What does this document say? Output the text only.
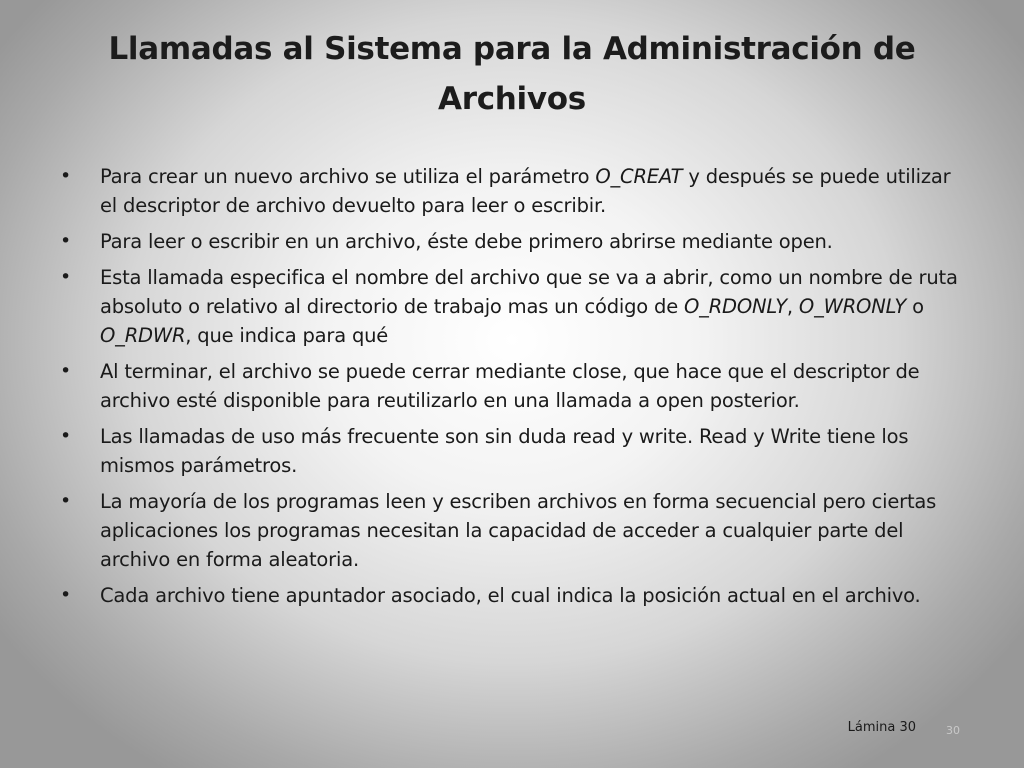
Llamadas al Sistema para la Administración de Archivos
• Para crear un nuevo archivo se utiliza el parámetro O_CREAT y después se puede utilizar el descriptor de archivo devuelto para leer o escribir.
• Para leer o escribir en un archivo, éste debe primero abrirse mediante open.
• Esta llamada especifica el nombre del archivo que se va a abrir, como un nombre de ruta absoluto o relativo al directorio de trabajo mas un código de O_RDONLY, O_WRONLY o O_RDWR, que indica para qué
• Al terminar, el archivo se puede cerrar mediante close, que hace que el descriptor de archivo esté disponible para reutilizarlo en una llamada a open posterior.
• Las llamadas de uso más frecuente son sin duda read y write. Read y Write tiene los mismos parámetros.
• La mayoría de los programas leen y escriben archivos en forma secuencial pero ciertas aplicaciones los programas necesitan la capacidad de acceder a cualquier parte del archivo en forma aleatoria.
• Cada archivo tiene apuntador asociado, el cual indica la posición actual en el archivo.
Lámina 30	30
